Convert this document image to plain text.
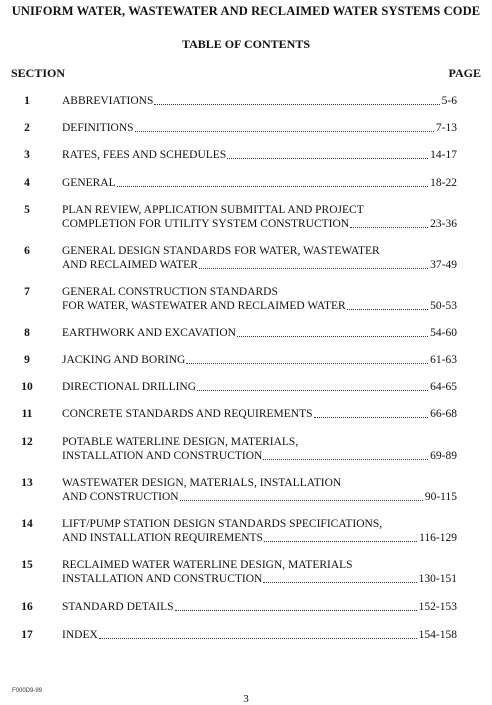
UNIFORM WATER, WASTEWATER AND RECLAIMED WATER SYSTEMS CODE
TABLE OF CONTENTS
SECTION	PAGE
1	ABBREVIATIONS	5-6
2	DEFINITIONS	7-13
3	RATES, FEES AND SCHEDULES	14-17
4	GENERAL	18-22
5	PLAN REVIEW, APPLICATION SUBMITTAL AND PROJECT
COMPLETION FOR UTILITY SYSTEM CONSTRUCTION	23-36
6	GENERAL DESIGN STANDARDS FOR WATER, WASTEWATER
AND RECLAIMED WATER	37-49
7	GENERAL CONSTRUCTION STANDARDS
FOR WATER, WASTEWATER AND RECLAIMED WATER	50-53
8	EARTHWORK AND EXCAVATION	54-60
9	JACKING AND BORING	61-63
10	DIRECTIONAL DRILLING	64-65
11	CONCRETE STANDARDS AND REQUIREMENTS	66-68
12	POTABLE WATERLINE DESIGN, MATERIALS,
INSTALLATION AND CONSTRUCTION	69-89
13	WASTEWATER DESIGN, MATERIALS, INSTALLATION
AND CONSTRUCTION	90-115
14	LIFT/PUMP STATION DESIGN STANDARDS SPECIFICATIONS,
AND INSTALLATION REQUIREMENTS	116-129
15	RECLAIMED WATER WATERLINE DESIGN, MATERIALS
INSTALLATION AND CONSTRUCTION	130-151
16	STANDARD DETAILS	152-153
17	INDEX	154-158
F000D9-99
3
